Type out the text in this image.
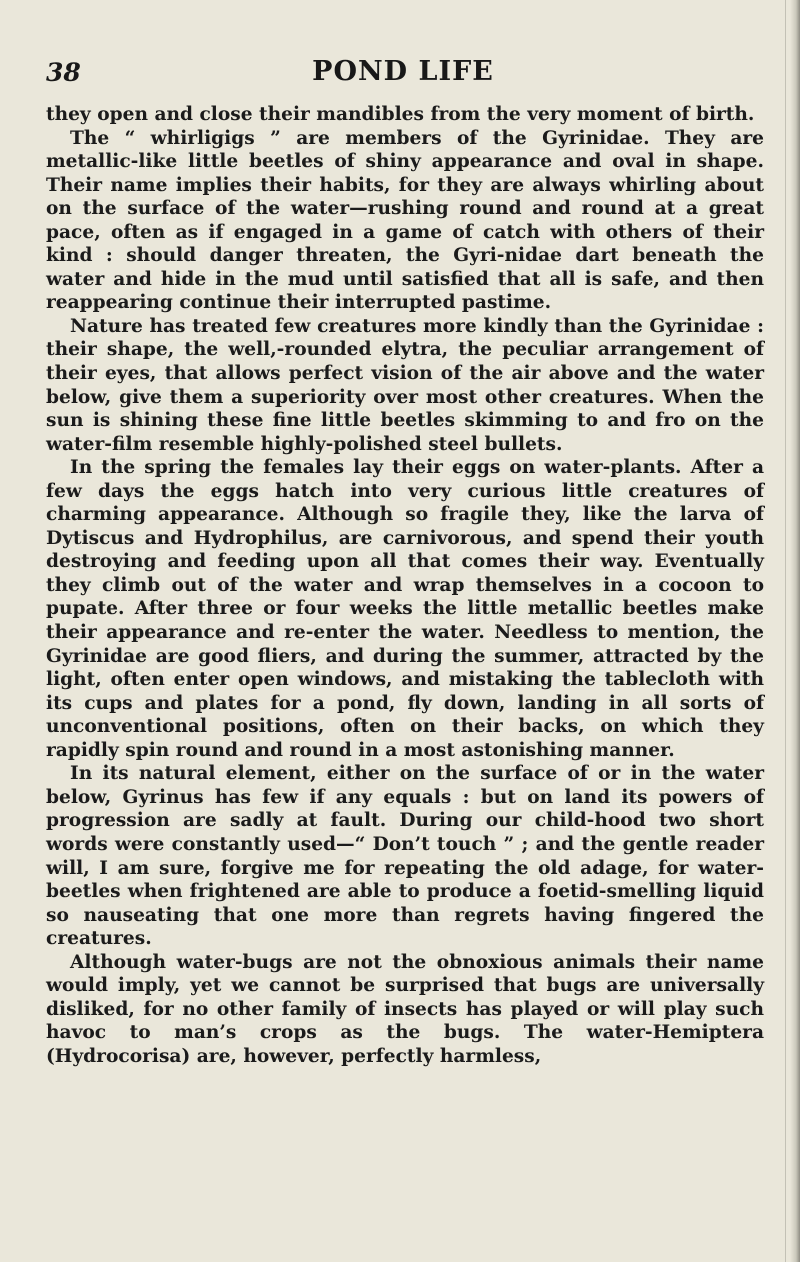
38	POND LIFE

they open and close their mandibles from the very moment of birth.

The “ whirligigs ” are members of the Gyrinidae. They are metallic-like little beetles of shiny appearance and oval in shape. Their name implies their habits, for they are always whirling about on the surface of the water—rushing round and round at a great pace, often as if engaged in a game of catch with others of their kind : should danger threaten, the Gyri-nidae dart beneath the water and hide in the mud until satisfied that all is safe, and then reappearing continue their interrupted pastime.

Nature has treated few creatures more kindly than the Gyrinidae : their shape, the well,-rounded elytra, the peculiar arrangement of their eyes, that allows perfect vision of the air above and the water below, give them a superiority over most other creatures. When the sun is shining these fine little beetles skimming to and fro on the water-film resemble highly-polished steel bullets.

In the spring the females lay their eggs on water-plants. After a few days the eggs hatch into very curious little creatures of charming appearance. Although so fragile they, like the larva of Dytiscus and Hydrophilus, are carnivorous, and spend their youth destroying and feeding upon all that comes their way. Eventually they climb out of the water and wrap themselves in a cocoon to pupate. After three or four weeks the little metallic beetles make their appearance and re-enter the water. Needless to mention, the Gyrinidae are good fliers, and during the summer, attracted by the light, often enter open windows, and mistaking the tablecloth with its cups and plates for a pond, fly down, landing in all sorts of unconventional positions, often on their backs, on which they rapidly spin round and round in a most astonishing manner.

In its natural element, either on the surface of or in the water below, Gyrinus has few if any equals : but on land its powers of progression are sadly at fault. During our child-hood two short words were constantly used—“ Don’t touch ” ; and the gentle reader will, I am sure, forgive me for repeating the old adage, for water-beetles when frightened are able to produce a foetid-smelling liquid so nauseating that one more than regrets having fingered the creatures.

Although water-bugs are not the obnoxious animals their name would imply, yet we cannot be surprised that bugs are universally disliked, for no other family of insects has played or will play such havoc to man’s crops as the bugs. The water-Hemiptera (Hydrocorisa) are, however, perfectly harmless,
